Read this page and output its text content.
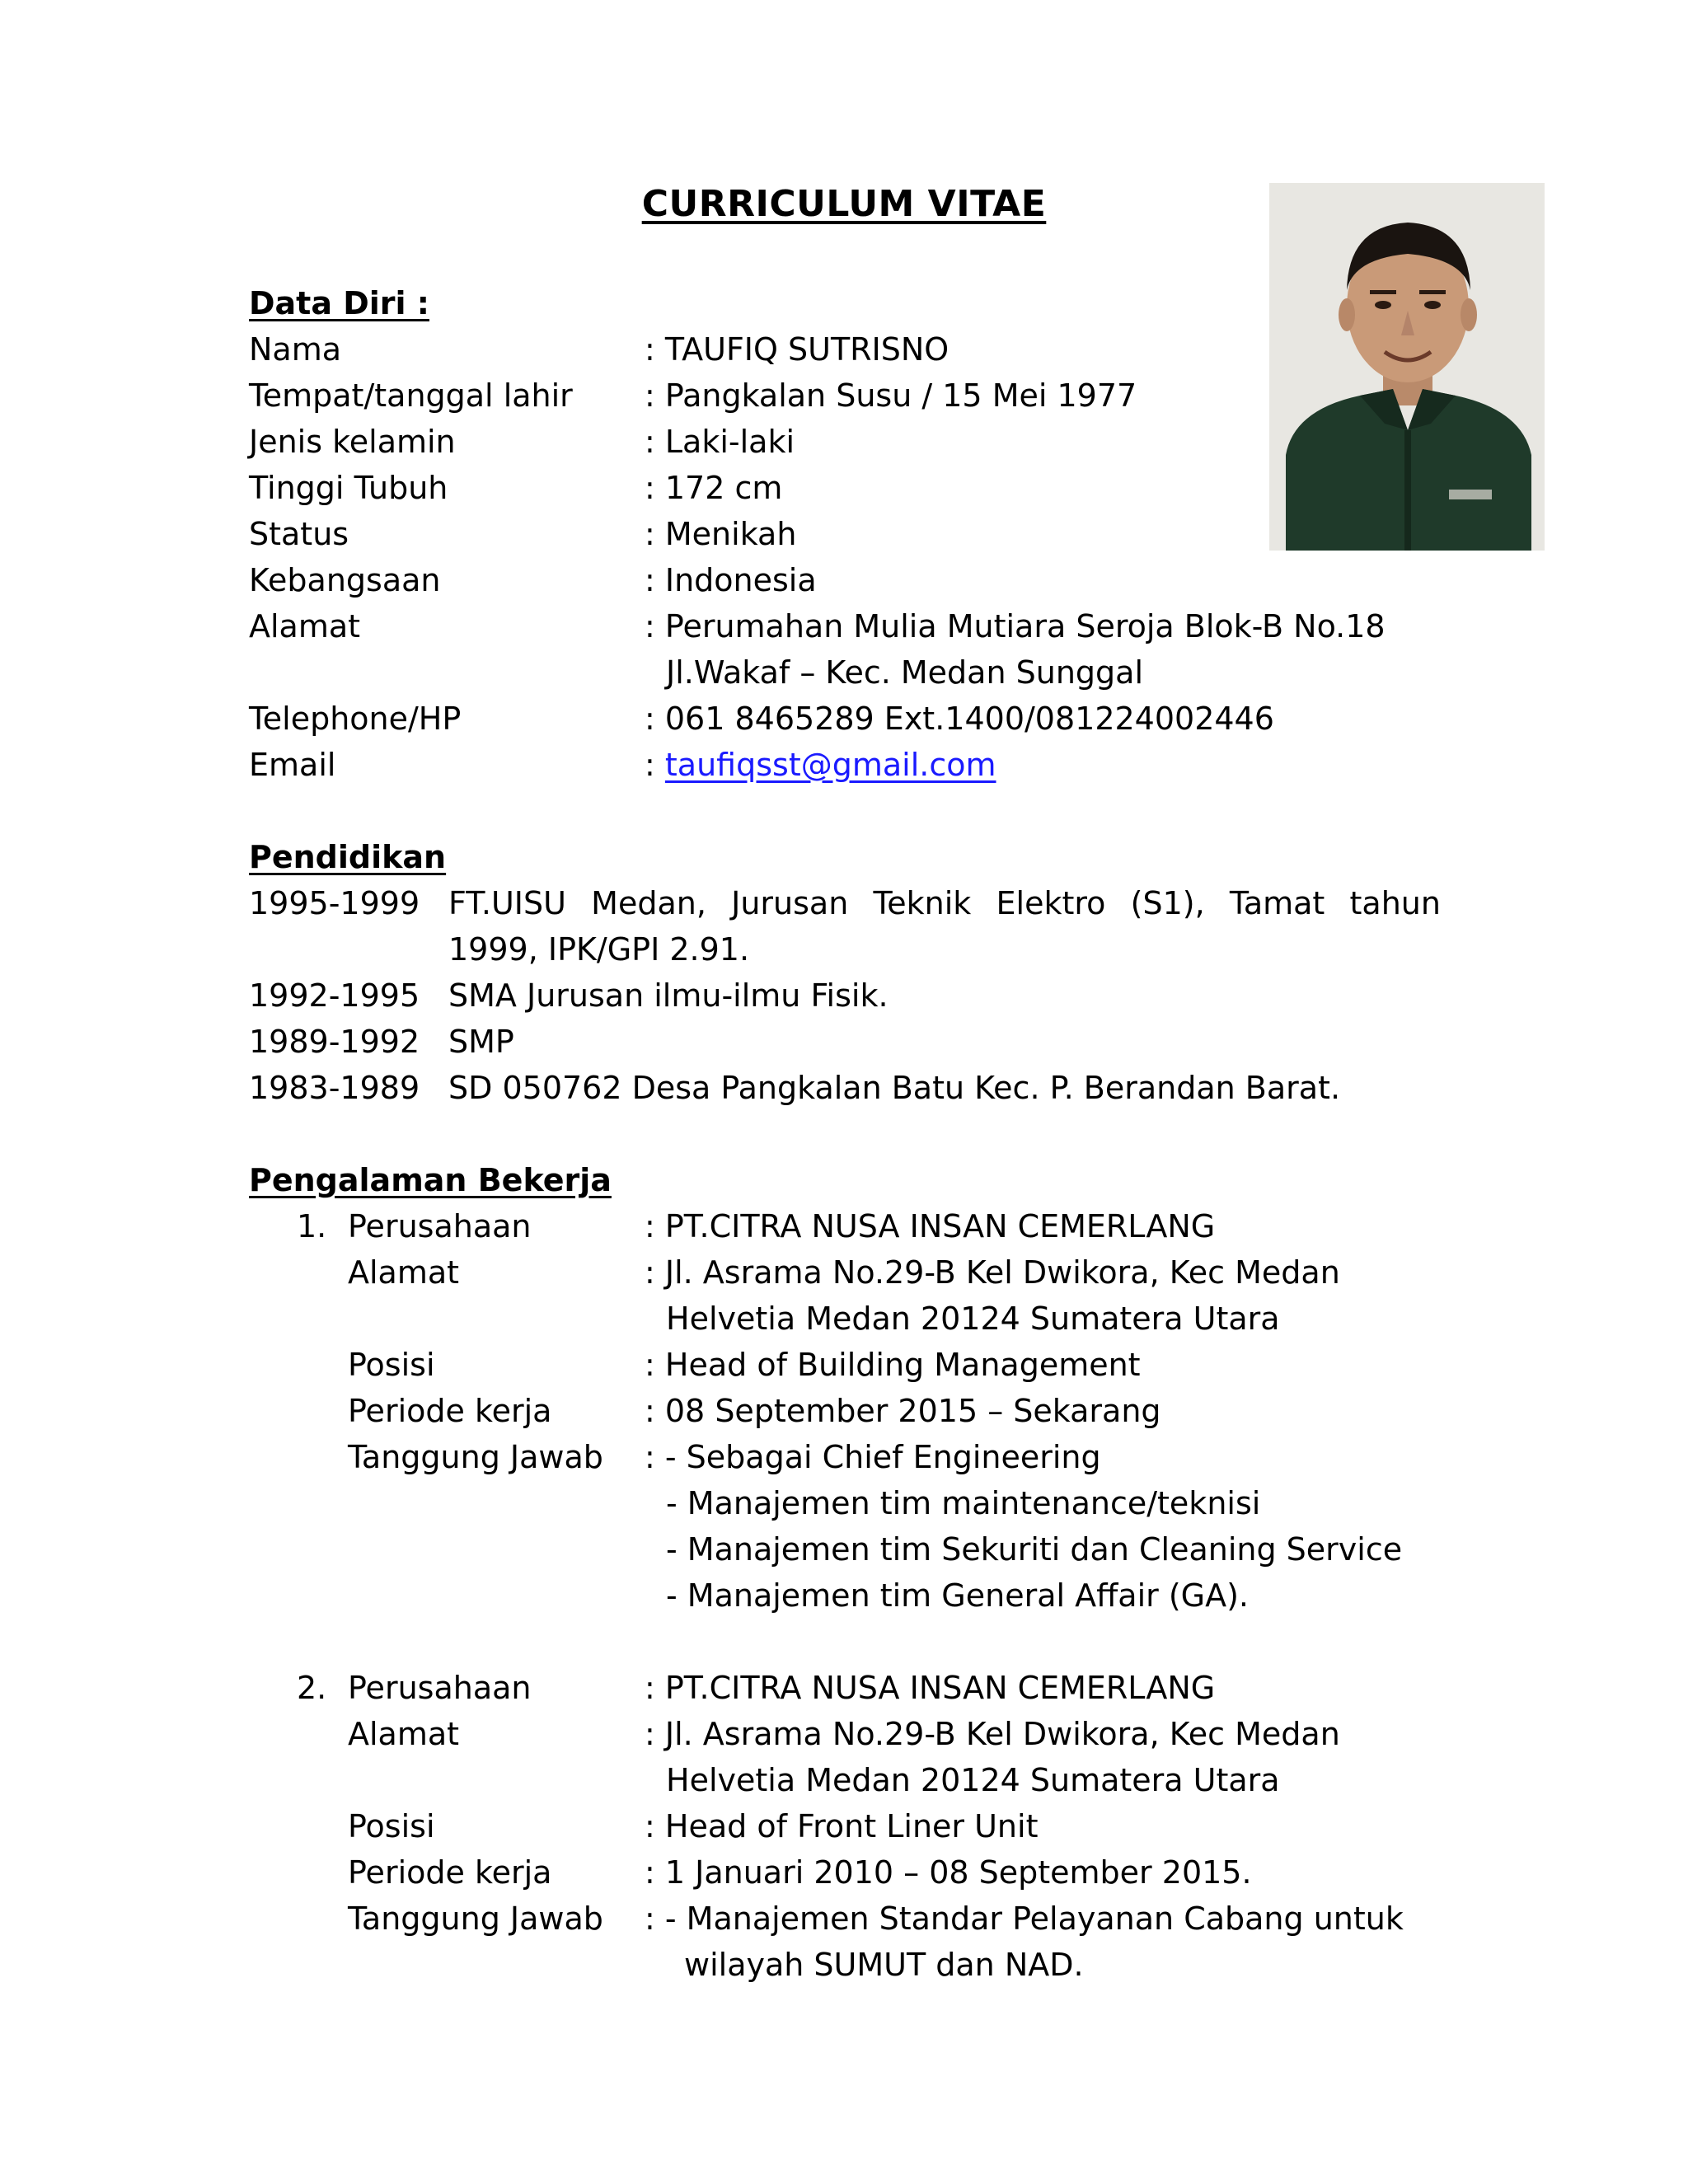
CURRICULUM VITAE
Data Diri :
Nama	: TAUFIQ SUTRISNO
Tempat/tanggal lahir : Pangkalan Susu / 15 Mei 1977
Jenis kelamin	: Laki-laki
Tinggi Tubuh	: 172 cm
Status	: Menikah
Kebangsaan	: Indonesia
Alamat	: Perumahan Mulia Mutiara Seroja Blok-B No.18
Jl.Wakaf – Kec. Medan Sunggal
Telephone/HP	: 061 8465289 Ext.1400/081224002446
Email	: taufiqsst@gmail.com
Pendidikan
1995-1999 FT.UISU Medan, Jurusan Teknik Elektro (S1), Tamat tahun
1999, IPK/GPI 2.91.
1992-1995 SMA Jurusan ilmu-ilmu Fisik.
1989-1992 SMP
1983-1989 SD 050762 Desa Pangkalan Batu Kec. P. Berandan Barat.
Pengalaman Bekerja
1. Perusahaan	: PT.CITRA NUSA INSAN CEMERLANG
Alamat	: Jl. Asrama No.29-B Kel Dwikora, Kec Medan
Helvetia Medan 20124 Sumatera Utara
Posisi	: Head of Building Management
Periode kerja	: 08 September 2015 – Sekarang
Tanggung Jawab : - Sebagai Chief Engineering
- Manajemen tim maintenance/teknisi
- Manajemen tim Sekuriti dan Cleaning Service
- Manajemen tim General Affair (GA).
2. Perusahaan	: PT.CITRA NUSA INSAN CEMERLANG
Alamat	: Jl. Asrama No.29-B Kel Dwikora, Kec Medan
Helvetia Medan 20124 Sumatera Utara
Posisi	: Head of Front Liner Unit
Periode kerja	: 1 Januari 2010 – 08 September 2015.
Tanggung Jawab : - Manajemen Standar Pelayanan Cabang untuk
wilayah SUMUT dan NAD.
